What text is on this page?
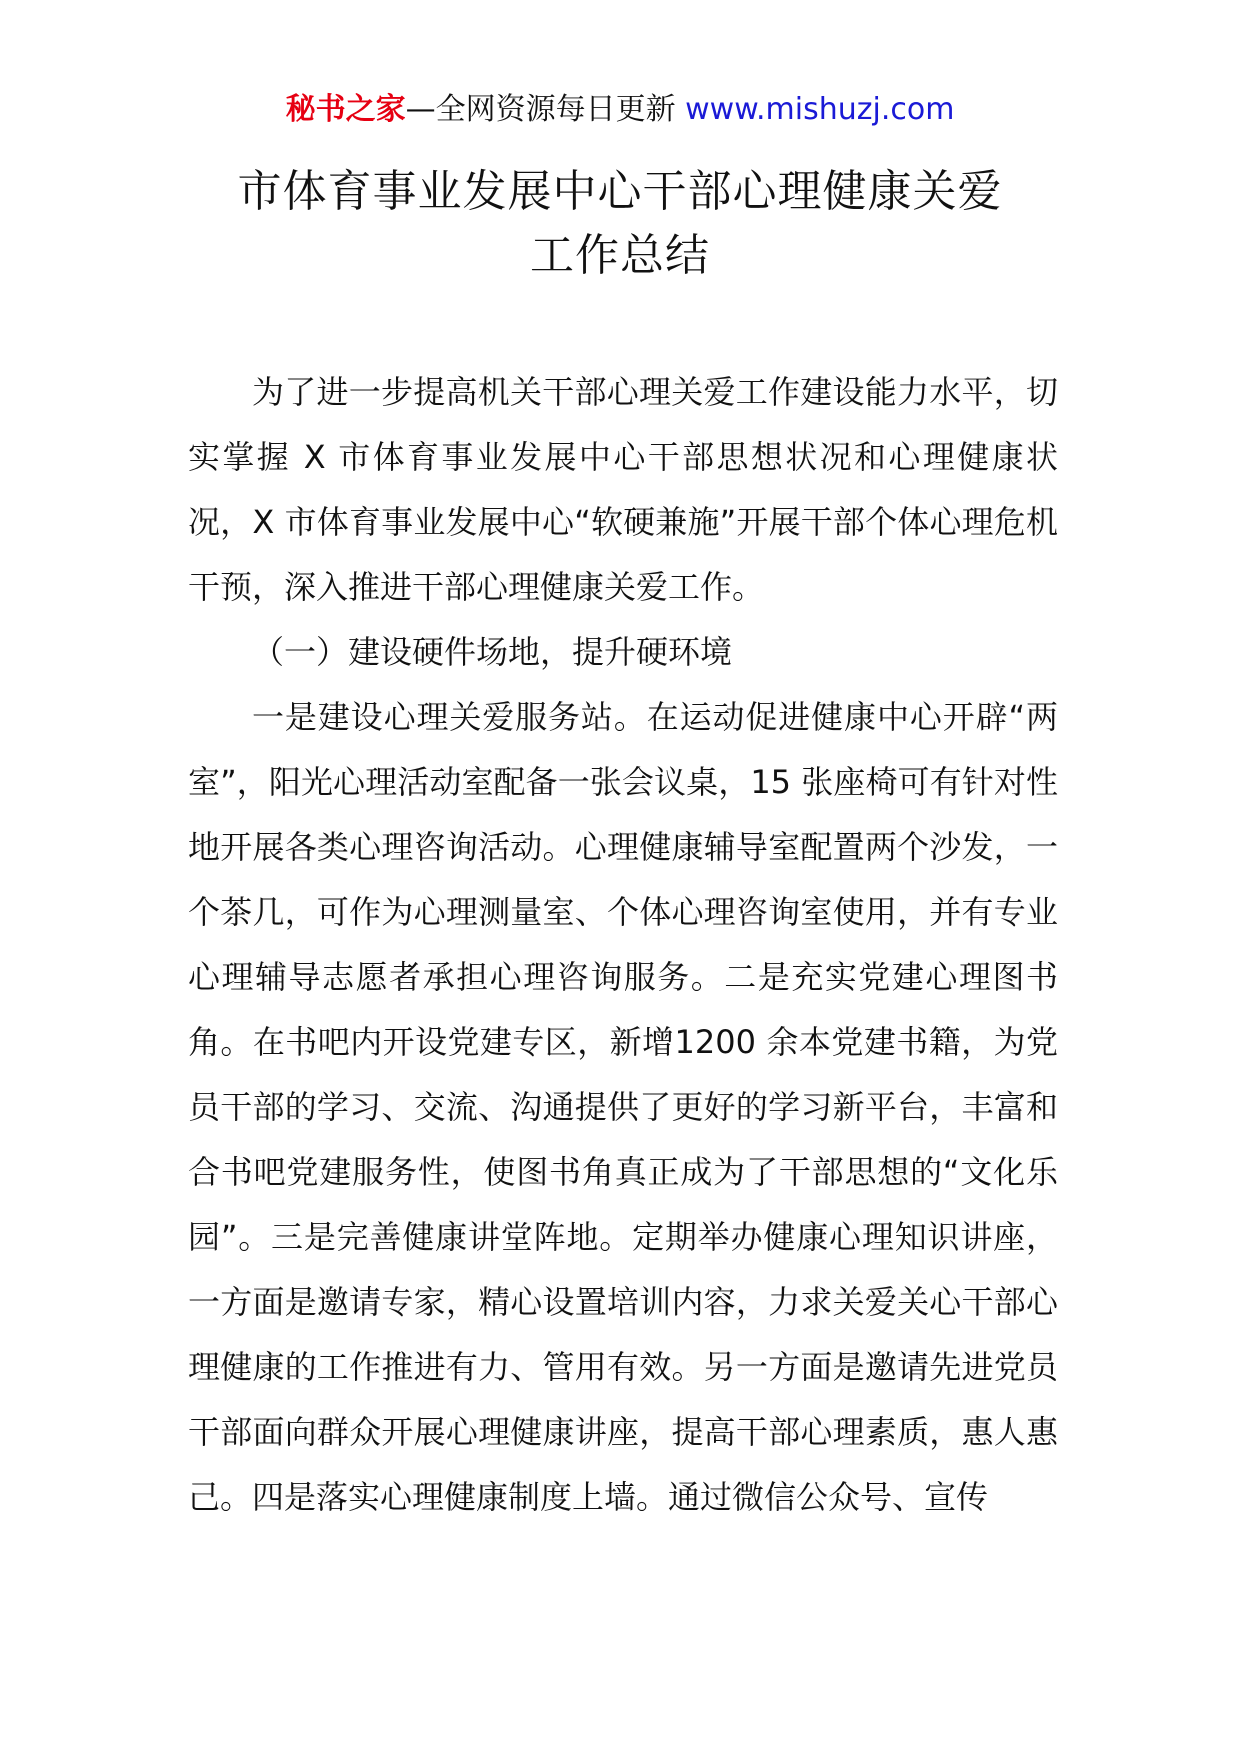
秘书之家—全网资源每日更新 www.mishuzj.com
市体育事业发展中心干部心理健康关爱
工作总结

为了进一步提高机关干部心理关爱工作建设能力水平，切实掌握 X 市体育事业发展中心干部思想状况和心理健康状况，X 市体育事业发展中心“软硬兼施”开展干部个体心理危机干预，深入推进干部心理健康关爱工作。

（一）建设硬件场地，提升硬环境

一是建设心理关爱服务站。在运动促进健康中心开辟“两室”，阳光心理活动室配备一张会议桌，15 张座椅可有针对性地开展各类心理咨询活动。心理健康辅导室配置两个沙发，一个茶几，可作为心理测量室、个体心理咨询室使用，并有专业心理辅导志愿者承担心理咨询服务。二是充实党建心理图书角。在书吧内开设党建专区，新增1200 余本党建书籍，为党员干部的学习、交流、沟通提供了更好的学习新平台，丰富和合书吧党建服务性，使图书角真正成为了干部思想的“文化乐园”。三是完善健康讲堂阵地。定期举办健康心理知识讲座，一方面是邀请专家，精心设置培训内容，力求关爱关心干部心理健康的工作推进有力、管用有效。另一方面是邀请先进党员干部面向群众开展心理健康讲座，提高干部心理素质，惠人惠己。四是落实心理健康制度上墙。通过微信公众号、宣传
